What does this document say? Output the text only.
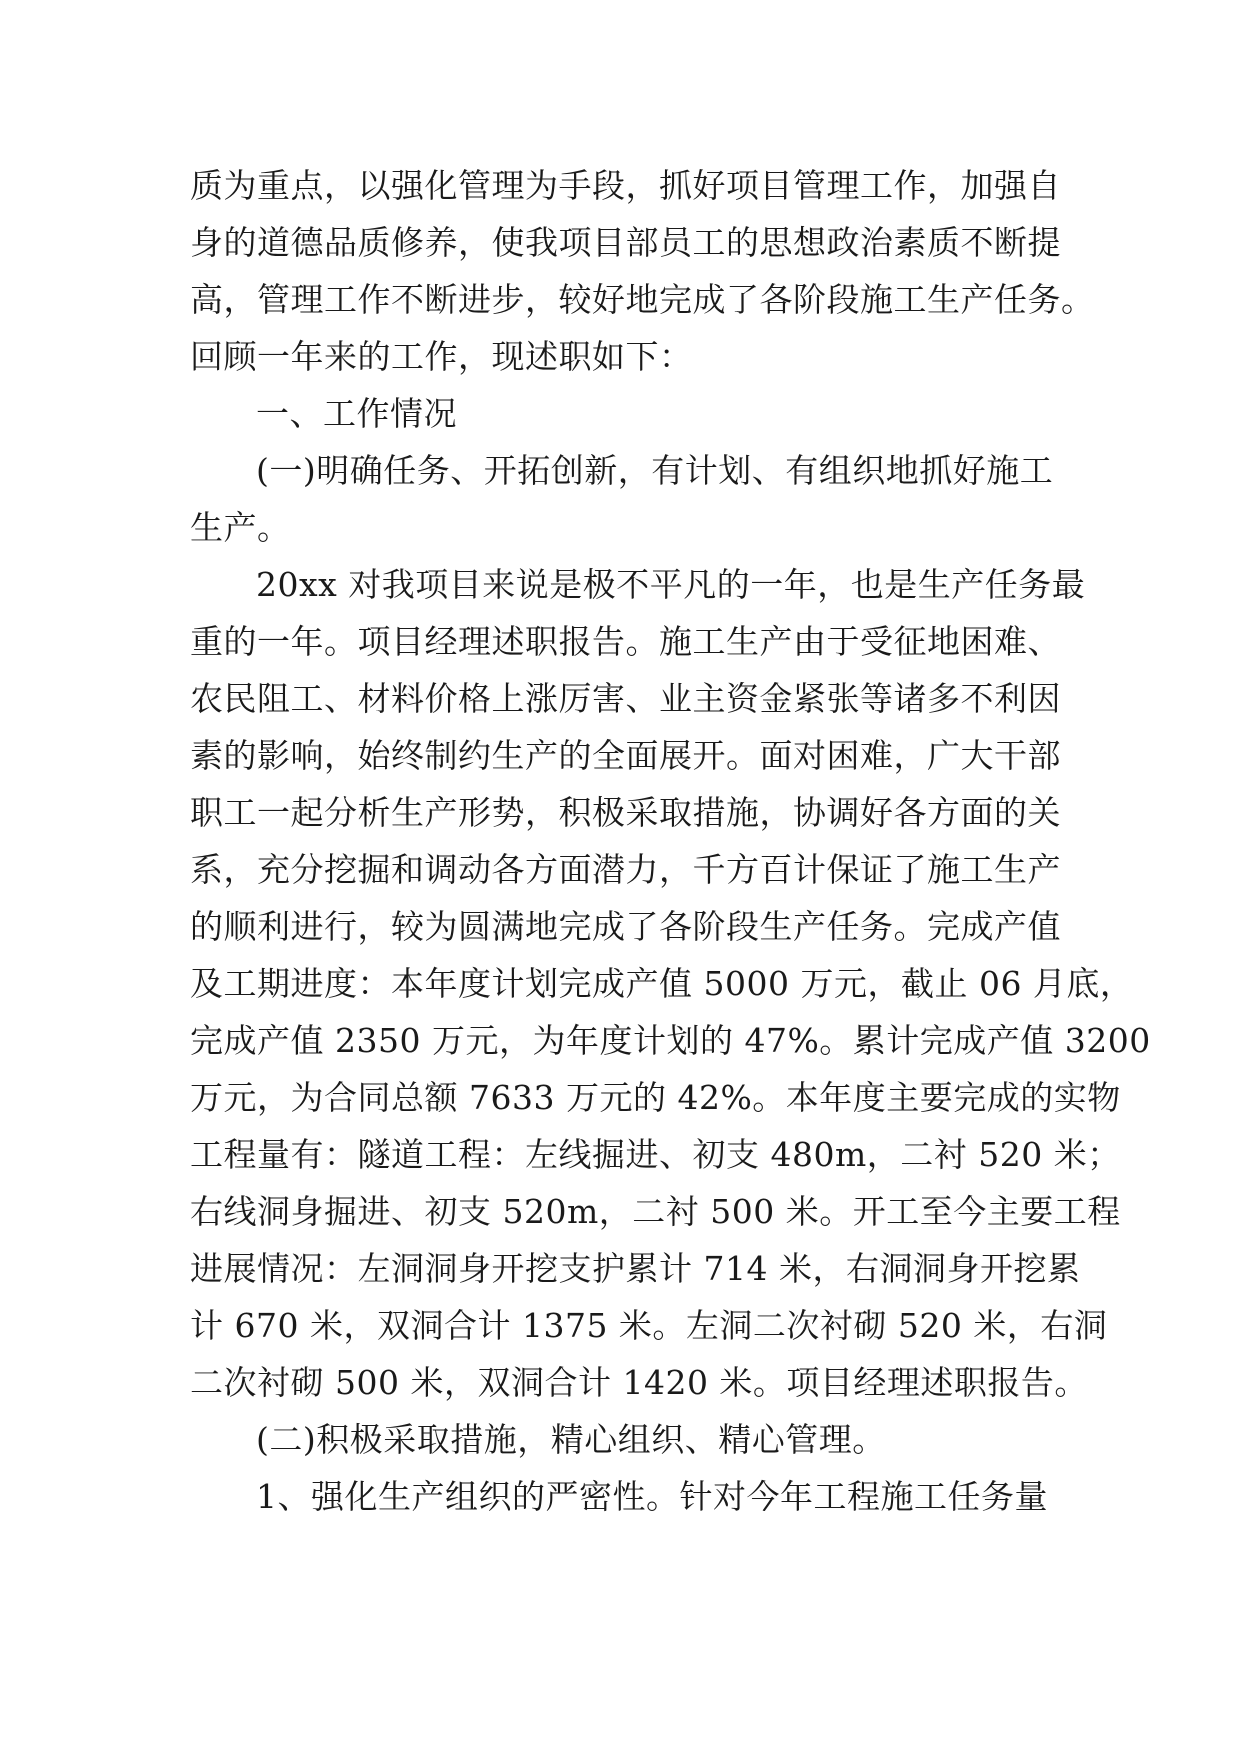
质为重点，以强化管理为手段，抓好项目管理工作，加强自
身的道德品质修养，使我项目部员工的思想政治素质不断提
高，管理工作不断进步，较好地完成了各阶段施工生产任务。
回顾一年来的工作，现述职如下：
一、工作情况
(一)明确任务、开拓创新，有计划、有组织地抓好施工
生产。
20xx 对我项目来说是极不平凡的一年，也是生产任务最
重的一年。项目经理述职报告。施工生产由于受征地困难、
农民阻工、材料价格上涨厉害、业主资金紧张等诸多不利因
素的影响，始终制约生产的全面展开。面对困难，广大干部
职工一起分析生产形势，积极采取措施，协调好各方面的关
系，充分挖掘和调动各方面潜力，千方百计保证了施工生产
的顺利进行，较为圆满地完成了各阶段生产任务。完成产值
及工期进度：本年度计划完成产值 5000 万元，截止 06 月底，
完成产值 2350 万元，为年度计划的 47%。累计完成产值 3200
万元，为合同总额 7633 万元的 42%。本年度主要完成的实物
工程量有：隧道工程：左线掘进、初支 480m，二衬 520 米；
右线洞身掘进、初支 520m，二衬 500 米。开工至今主要工程
进展情况：左洞洞身开挖支护累计 714 米，右洞洞身开挖累
计 670 米，双洞合计 1375 米。左洞二次衬砌 520 米，右洞
二次衬砌 500 米，双洞合计 1420 米。项目经理述职报告。
(二)积极采取措施，精心组织、精心管理。
1、强化生产组织的严密性。针对今年工程施工任务量
